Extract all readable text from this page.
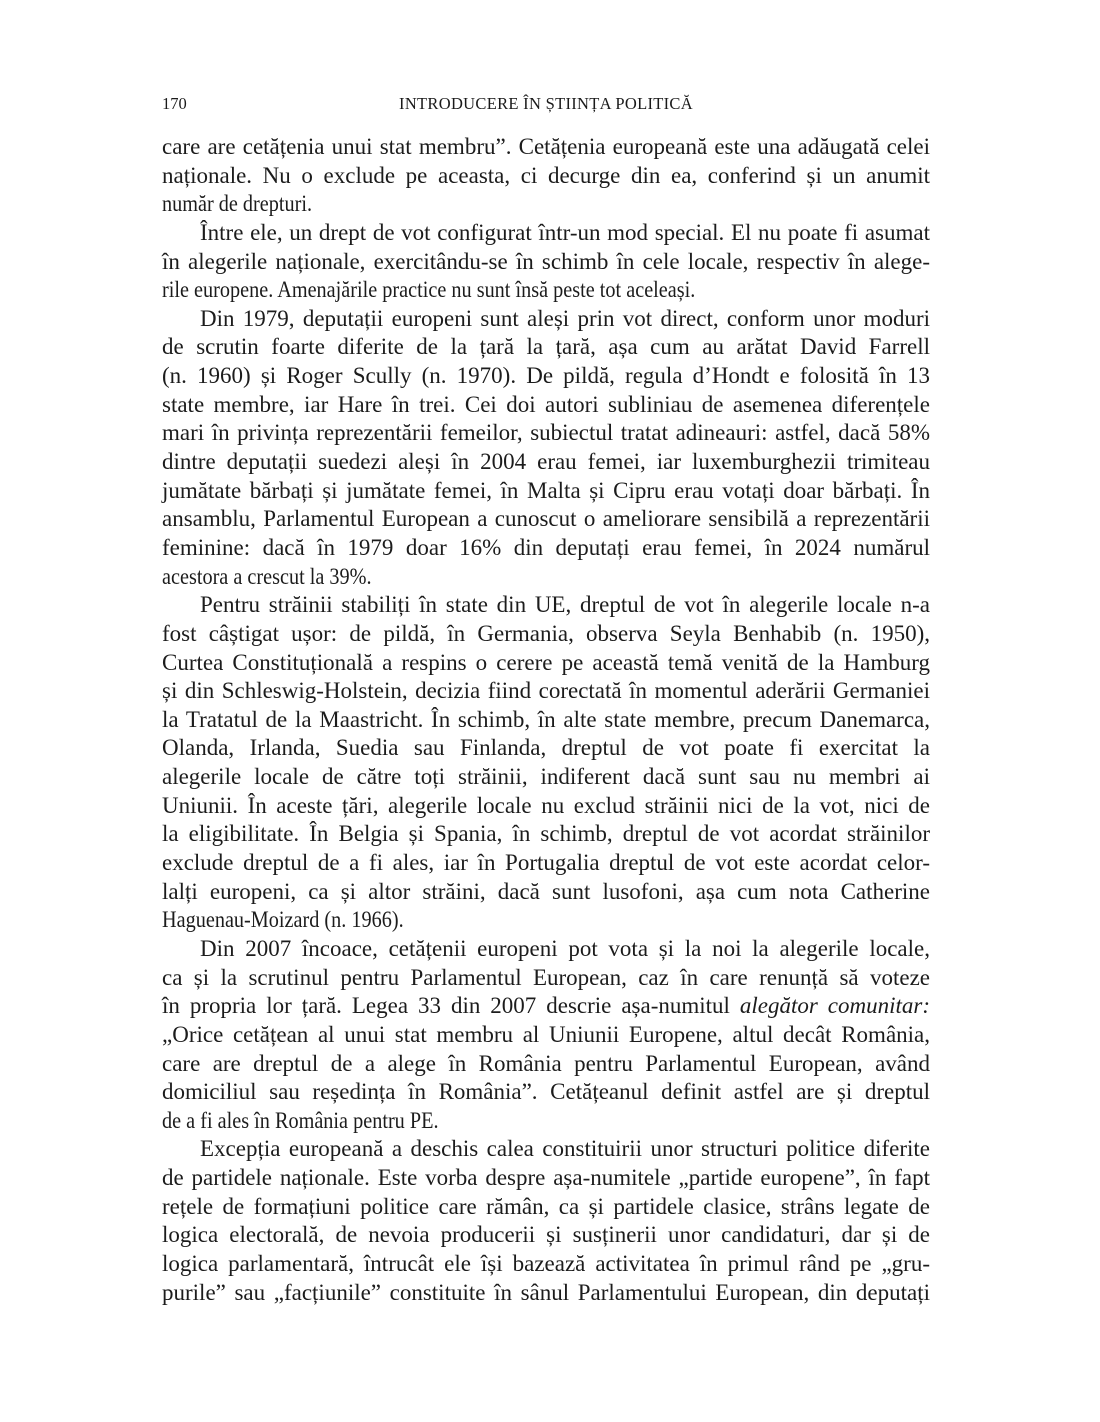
170	INTRODUCERE ÎN ȘTIINȚA POLITICĂ
care are cetățenia unui stat membru”. Cetățenia europeană este una adăugată celei
naționale. Nu o exclude pe aceasta, ci decurge din ea, conferind și un anumit
număr de drepturi.
Între ele, un drept de vot configurat într-un mod special. El nu poate fi asumat
în alegerile naționale, exercitându-se în schimb în cele locale, respectiv în alege-
rile europene. Amenajările practice nu sunt însă peste tot aceleași.
Din 1979, deputații europeni sunt aleși prin vot direct, conform unor moduri
de scrutin foarte diferite de la țară la țară, așa cum au arătat David Farrell
(n. 1960) și Roger Scully (n. 1970). De pildă, regula d’Hondt e folosită în 13
state membre, iar Hare în trei. Cei doi autori subliniau de asemenea diferențele
mari în privința reprezentării femeilor, subiectul tratat adineauri: astfel, dacă 58%
dintre deputații suedezi aleși în 2004 erau femei, iar luxemburghezii trimiteau
jumătate bărbați și jumătate femei, în Malta și Cipru erau votați doar bărbați. În
ansamblu, Parlamentul European a cunoscut o ameliorare sensibilă a reprezentării
feminine: dacă în 1979 doar 16% din deputați erau femei, în 2024 numărul
acestora a crescut la 39%.
Pentru străinii stabiliți în state din UE, dreptul de vot în alegerile locale n-a
fost câștigat ușor: de pildă, în Germania, observa Seyla Benhabib (n. 1950),
Curtea Constituțională a respins o cerere pe această temă venită de la Hamburg
și din Schleswig-Holstein, decizia fiind corectată în momentul aderării Germaniei
la Tratatul de la Maastricht. În schimb, în alte state membre, precum Danemarca,
Olanda, Irlanda, Suedia sau Finlanda, dreptul de vot poate fi exercitat la
alegerile locale de către toți străinii, indiferent dacă sunt sau nu membri ai
Uniunii. În aceste țări, alegerile locale nu exclud străinii nici de la vot, nici de
la eligibilitate. În Belgia și Spania, în schimb, dreptul de vot acordat străinilor
exclude dreptul de a fi ales, iar în Portugalia dreptul de vot este acordat celor-
lalți europeni, ca și altor străini, dacă sunt lusofoni, așa cum nota Catherine
Haguenau-Moizard (n. 1966).
Din 2007 încoace, cetățenii europeni pot vota și la noi la alegerile locale,
ca și la scrutinul pentru Parlamentul European, caz în care renunță să voteze
în propria lor țară. Legea 33 din 2007 descrie așa-numitul alegător comunitar:
„Orice cetățean al unui stat membru al Uniunii Europene, altul decât România,
care are dreptul de a alege în România pentru Parlamentul European, având
domiciliul sau reședința în România”. Cetățeanul definit astfel are și dreptul
de a fi ales în România pentru PE.
Excepția europeană a deschis calea constituirii unor structuri politice diferite
de partidele naționale. Este vorba despre așa-numitele „partide europene”, în fapt
rețele de formațiuni politice care rămân, ca și partidele clasice, strâns legate de
logica electorală, de nevoia producerii și susținerii unor candidaturi, dar și de
logica parlamentară, întrucât ele își bazează activitatea în primul rând pe „gru-
purile” sau „facțiunile” constituite în sânul Parlamentului European, din deputați
